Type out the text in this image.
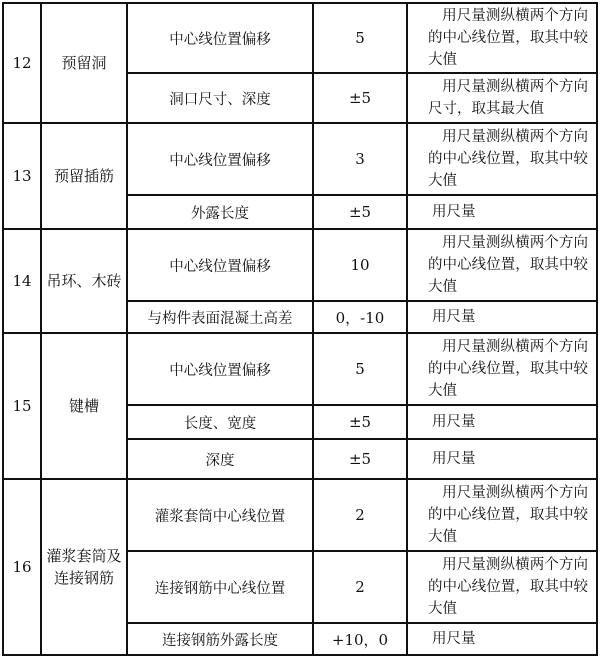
12	预留洞	中心线位置偏移	5	用尺量测纵横两个方向的中心线位置，取其中较大值
		洞口尺寸、深度	±5	用尺量测纵横两个方向尺寸，取其最大值
13	预留插筋	中心线位置偏移	3	用尺量测纵横两个方向的中心线位置，取其中较大值
		外露长度	±5	用尺量
14	吊环、木砖	中心线位置偏移	10	用尺量测纵横两个方向的中心线位置，取其中较大值
		与构件表面混凝土高差	0，-10	用尺量
15	键槽	中心线位置偏移	5	用尺量测纵横两个方向的中心线位置，取其中较大值
		长度、宽度	±5	用尺量
		深度	±5	用尺量
16	灌浆套筒及连接钢筋	灌浆套筒中心线位置	2	用尺量测纵横两个方向的中心线位置，取其中较大值
		连接钢筋中心线位置	2	用尺量测纵横两个方向的中心线位置，取其中较大值
		连接钢筋外露长度	+10，0	用尺量
